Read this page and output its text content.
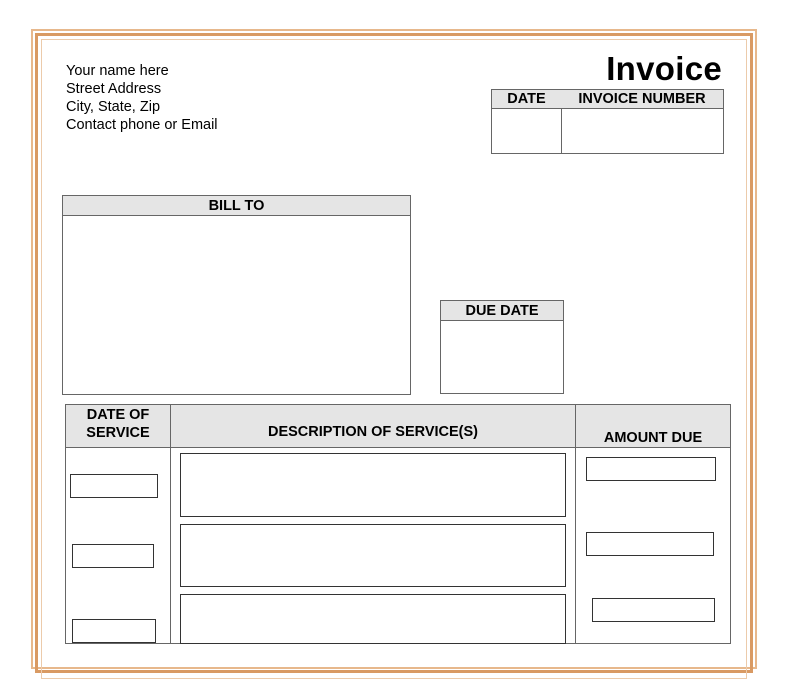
Your name here
Street Address
City, State, Zip
Contact phone or Email
Invoice
DATE	INVOICE NUMBER
BILL TO
DUE DATE
DATE OF
SERVICE	DESCRIPTION OF SERVICE(S)	AMOUNT DUE
